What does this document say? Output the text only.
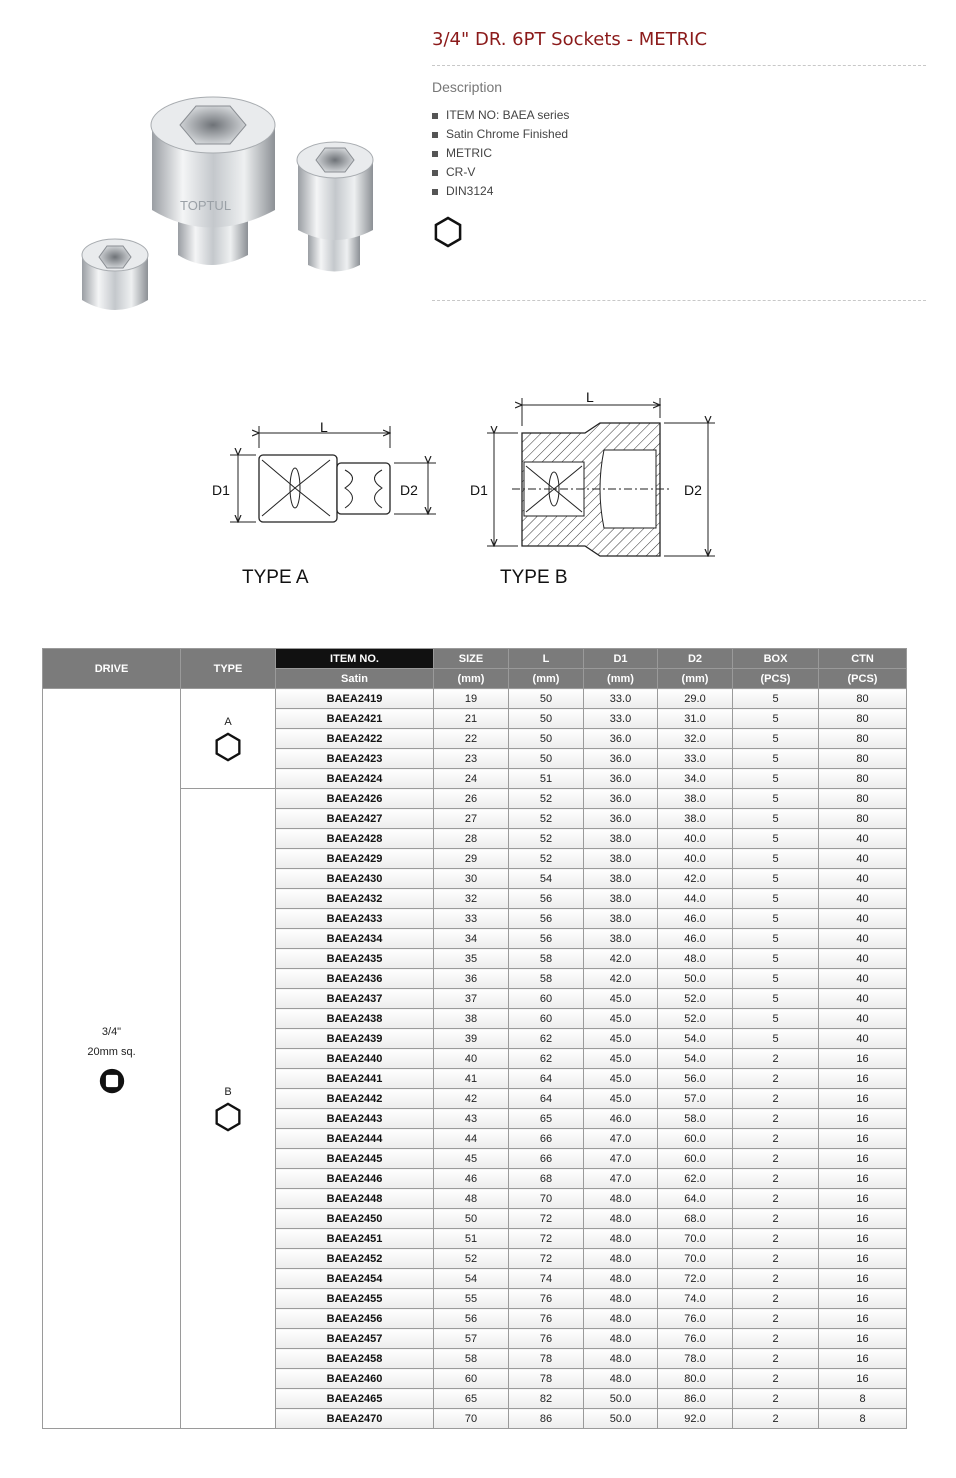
TOPTUL
3/4" DR. 6PT Sockets - METRIC
Description
ITEM NO: BAEA series
Satin Chrome Finished
METRIC
CR-V
DIN3124
L
D1	D2
TYPE A
L
D1	D2
TYPE B
DRIVE	TYPE	ITEM NO.	SIZE	L	D1	D2	BOX	CTN
		Satin	(mm)	(mm)	(mm)	(mm)	(PCS)	(PCS)

3/4"
20mm sq.	A	BAEA2419	19	50	33.0	29.0	5	80
		BAEA2421	21	50	33.0	31.0	5	80
		BAEA2422	22	50	36.0	32.0	5	80
		BAEA2423	23	50	36.0	33.0	5	80
		BAEA2424	24	51	36.0	34.0	5	80

	B	BAEA2426	26	52	36.0	38.0	5	80
		BAEA2427	27	52	36.0	38.0	5	80
		BAEA2428	28	52	38.0	40.0	5	40
		BAEA2429	29	52	38.0	40.0	5	40
		BAEA2430	30	54	38.0	42.0	5	40
		BAEA2432	32	56	38.0	44.0	5	40
		BAEA2433	33	56	38.0	46.0	5	40
		BAEA2434	34	56	38.0	46.0	5	40
		BAEA2435	35	58	42.0	48.0	5	40
		BAEA2436	36	58	42.0	50.0	5	40
		BAEA2437	37	60	45.0	52.0	5	40
		BAEA2438	38	60	45.0	52.0	5	40
		BAEA2439	39	62	45.0	54.0	5	40
		BAEA2440	40	62	45.0	54.0	2	16
		BAEA2441	41	64	45.0	56.0	2	16
		BAEA2442	42	64	45.0	57.0	2	16
		BAEA2443	43	65	46.0	58.0	2	16
		BAEA2444	44	66	47.0	60.0	2	16
		BAEA2445	45	66	47.0	60.0	2	16
		BAEA2446	46	68	47.0	62.0	2	16
		BAEA2448	48	70	48.0	64.0	2	16
		BAEA2450	50	72	48.0	68.0	2	16
		BAEA2451	51	72	48.0	70.0	2	16
		BAEA2452	52	72	48.0	70.0	2	16
		BAEA2454	54	74	48.0	72.0	2	16
		BAEA2455	55	76	48.0	74.0	2	16
		BAEA2456	56	76	48.0	76.0	2	16
		BAEA2457	57	76	48.0	76.0	2	16
		BAEA2458	58	78	48.0	78.0	2	16
		BAEA2460	60	78	48.0	80.0	2	16
		BAEA2465	65	82	50.0	86.0	2	8
		BAEA2470	70	86	50.0	92.0	2	8
